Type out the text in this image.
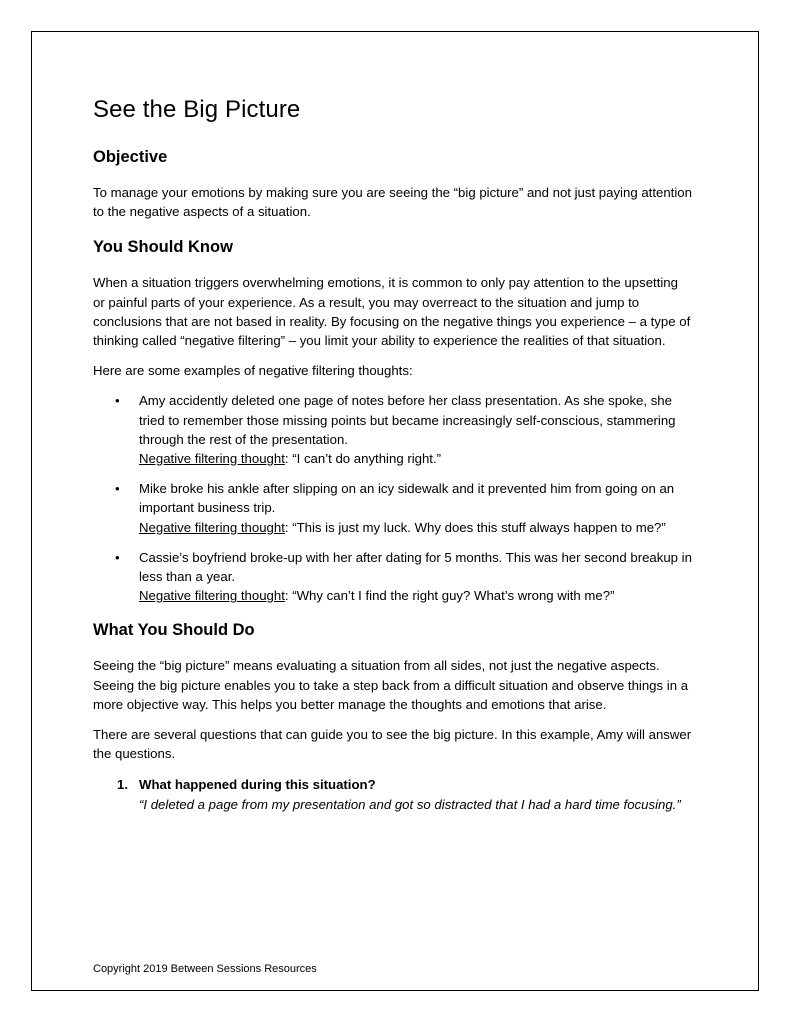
See the Big Picture
Objective

To manage your emotions by making sure you are seeing the “big picture” and not just paying attention to the negative aspects of a situation.

You Should Know

When a situation triggers overwhelming emotions, it is common to only pay attention to the upsetting or painful parts of your experience. As a result, you may overreact to the situation and jump to conclusions that are not based in reality. By focusing on the negative things you experience – a type of thinking called “negative filtering” – you limit your ability to experience the realities of that situation.

Here are some examples of negative filtering thoughts:

• Amy accidently deleted one page of notes before her class presentation. As she spoke, she tried to remember those missing points but became increasingly self-conscious, stammering through the rest of the presentation.
Negative filtering thought: “I can’t do anything right.”
• Mike broke his ankle after slipping on an icy sidewalk and it prevented him from going on an important business trip.
Negative filtering thought: “This is just my luck. Why does this stuff always happen to me?”
• Cassie’s boyfriend broke-up with her after dating for 5 months. This was her second breakup in less than a year.
Negative filtering thought: “Why can’t I find the right guy? What’s wrong with me?”
What You Should Do

Seeing the “big picture” means evaluating a situation from all sides, not just the negative aspects. Seeing the big picture enables you to take a step back from a difficult situation and observe things in a more objective way. This helps you better manage the thoughts and emotions that arise.

There are several questions that can guide you to see the big picture. In this example, Amy will answer the questions.

1. What happened during this situation?
“I deleted a page from my presentation and got so distracted that I had a hard time focusing.”
Copyright 2019 Between Sessions Resources
